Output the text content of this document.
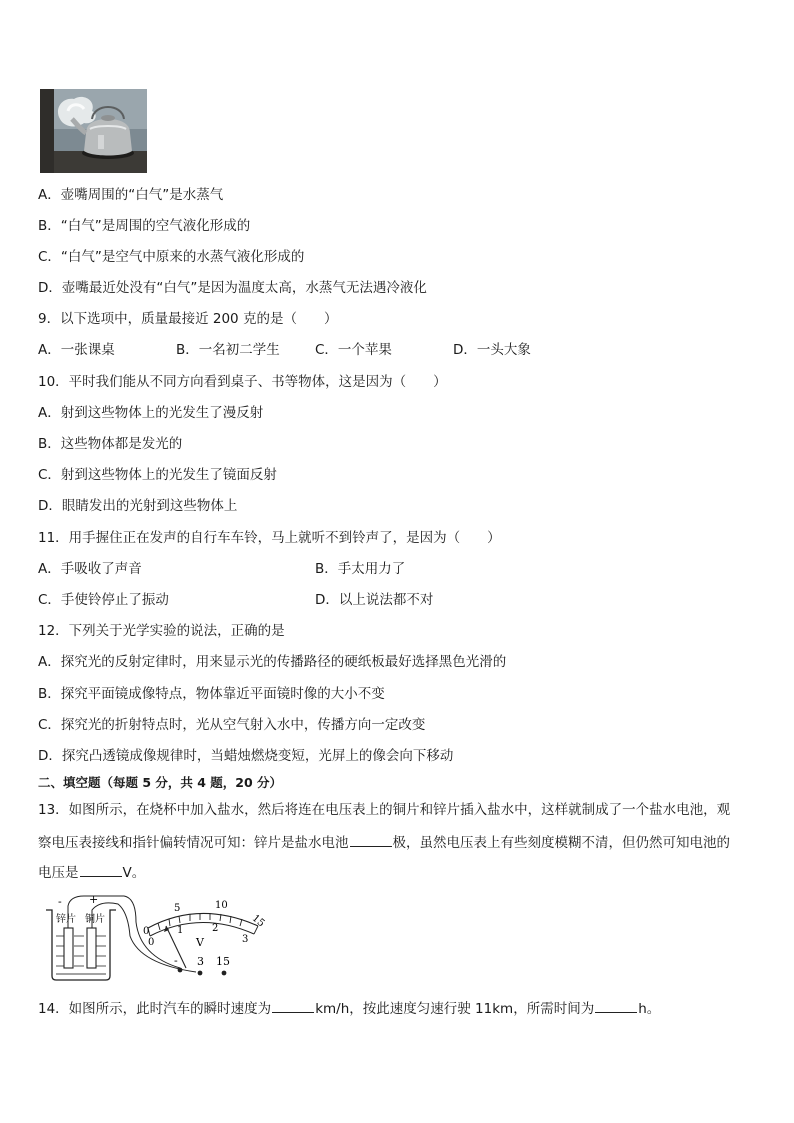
A．壶嘴周围的“白气”是水蒸气
B．“白气”是周围的空气液化形成的
C．“白气”是空气中原来的水蒸气液化形成的
D．壶嘴最近处没有“白气”是因为温度太高，水蒸气无法遇冷液化
9．以下选项中，质量最接近 200 克的是（　　）
A．一张课桌	B．一名初二学生	C．一个苹果	D．一头大象
10．平时我们能从不同方向看到桌子、书等物体，这是因为（　　）
A．射到这些物体上的光发生了漫反射
B．这些物体都是发光的
C．射到这些物体上的光发生了镜面反射
D．眼睛发出的光射到这些物体上
11．用手握住正在发声的自行车车铃，马上就听不到铃声了，是因为（　　）
A．手吸收了声音	B．手太用力了
C．手使铃停止了振动	D．以上说法都不对
12．下列关于光学实验的说法，正确的是
A．探究光的反射定律时，用来显示光的传播路径的硬纸板最好选择黑色光滑的
B．探究平面镜成像特点，物体靠近平面镜时像的大小不变
C．探究光的折射特点时，光从空气射入水中，传播方向一定改变
D．探究凸透镜成像规律时，当蜡烛燃烧变短，光屏上的像会向下移动
二、填空题（每题 5 分，共 4 题，20 分）
13．如图所示，在烧杯中加入盐水，然后将连在电压表上的铜片和锌片插入盐水中，这样就制成了一个盐水电池，观
察电压表接线和指针偏转情况可知：锌片是盐水电池	极，虽然电压表上有些刻度模糊不清，但仍然可知电池的
电压是	V。
- +
锌片 铜片
0
5	10
15
0
1	2
3
V
- 3 15
14．如图所示，此时汽车的瞬时速度为	km/h，按此速度匀速行驶 11km，所需时间为	h。
